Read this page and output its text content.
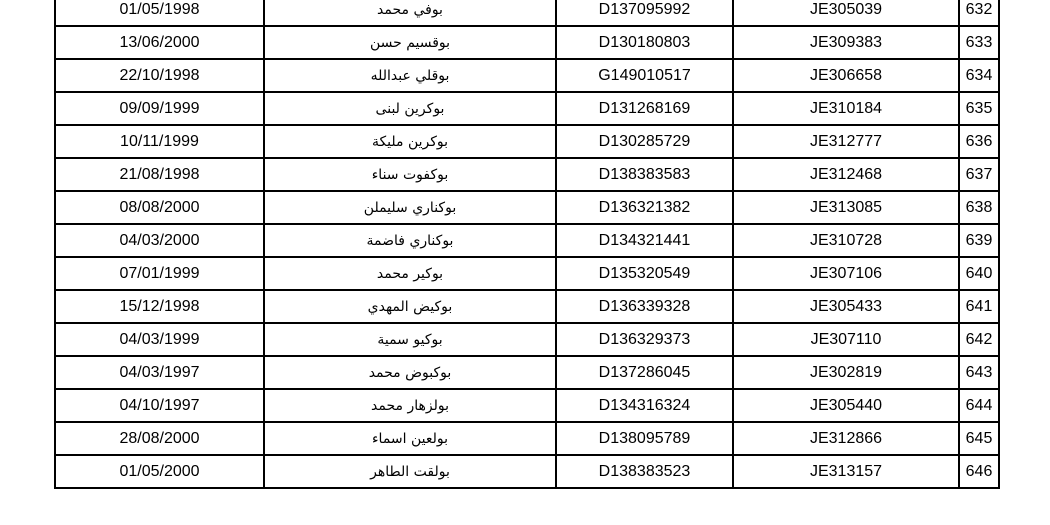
01/05/1998	بوفي محمد	D137095992	JE305039	632
13/06/2000	بوقسيم حسن	D130180803	JE309383	633
22/10/1998	بوقلي عبدالله	G149010517	JE306658	634
09/09/1999	بوكرين لبنى	D131268169	JE310184	635
10/11/1999	بوكرين مليكة	D130285729	JE312777	636
21/08/1998	بوكفوت سناء	D138383583	JE312468	637
08/08/2000	بوكناري سليملن	D136321382	JE313085	638
04/03/2000	بوكناري فاضمة	D134321441	JE310728	639
07/01/1999	بوكير محمد	D135320549	JE307106	640
15/12/1998	بوكيض المهدي	D136339328	JE305433	641
04/03/1999	بوكيو سمية	D136329373	JE307110	642
04/03/1997	بوكبوض محمد	D137286045	JE302819	643
04/10/1997	بولزهار محمد	D134316324	JE305440	644
28/08/2000	بولعين اسماء	D138095789	JE312866	645
01/05/2000	بولقت الطاهر	D138383523	JE313157	646
